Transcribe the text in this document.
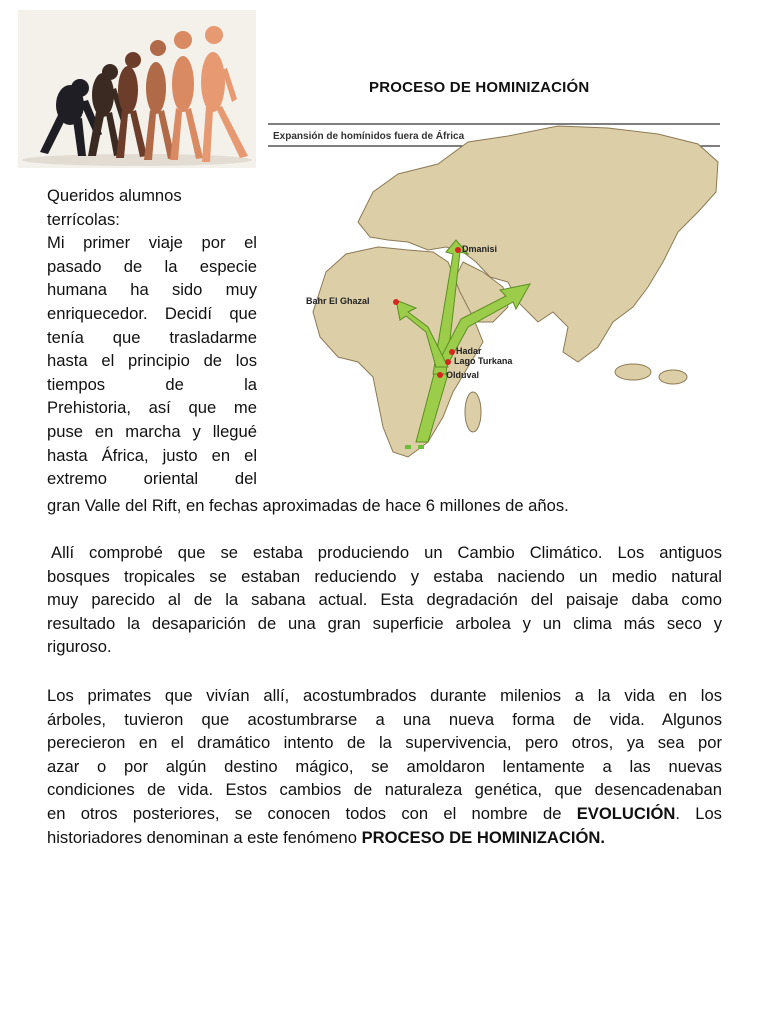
PROCESO DE HOMINIZACIÓN
Expansión de homínidos fuera de África
Dmanisi
Bahr El Ghazal
Hadar
Lago Turkana
Olduval

Queridos alumnos
terrícolas:
Mi primer viaje por el
pasado de la especie
humana ha sido muy
enriquecedor. Decidí que
tenía que trasladarme
hasta el principio de los
tiempos de la
Prehistoria, así que me
puse en marcha y llegué
hasta África, justo en el
extremo oriental del

gran Valle del Rift, en fechas aproximadas de hace 6 millones de años.

Allí comprobé que se estaba produciendo un Cambio Climático. Los antiguos
bosques tropicales se estaban reduciendo y estaba naciendo un medio natural
muy parecido al de la sabana actual. Esta degradación del paisaje daba como
resultado la desaparición de una gran superficie arbolea y un clima más seco y
riguroso.

Los primates que vivían allí, acostumbrados durante milenios a la vida en los
árboles, tuvieron que acostumbrarse a una nueva forma de vida. Algunos
perecieron en el dramático intento de la supervivencia, pero otros, ya sea por
azar o por algún destino mágico, se amoldaron lentamente a las nuevas
condiciones de vida. Estos cambios de naturaleza genética, que desencadenaban
en otros posteriores, se conocen todos con el nombre de EVOLUCIÓN. Los
historiadores denominan a este fenómeno PROCESO DE HOMINIZACIÓN.
